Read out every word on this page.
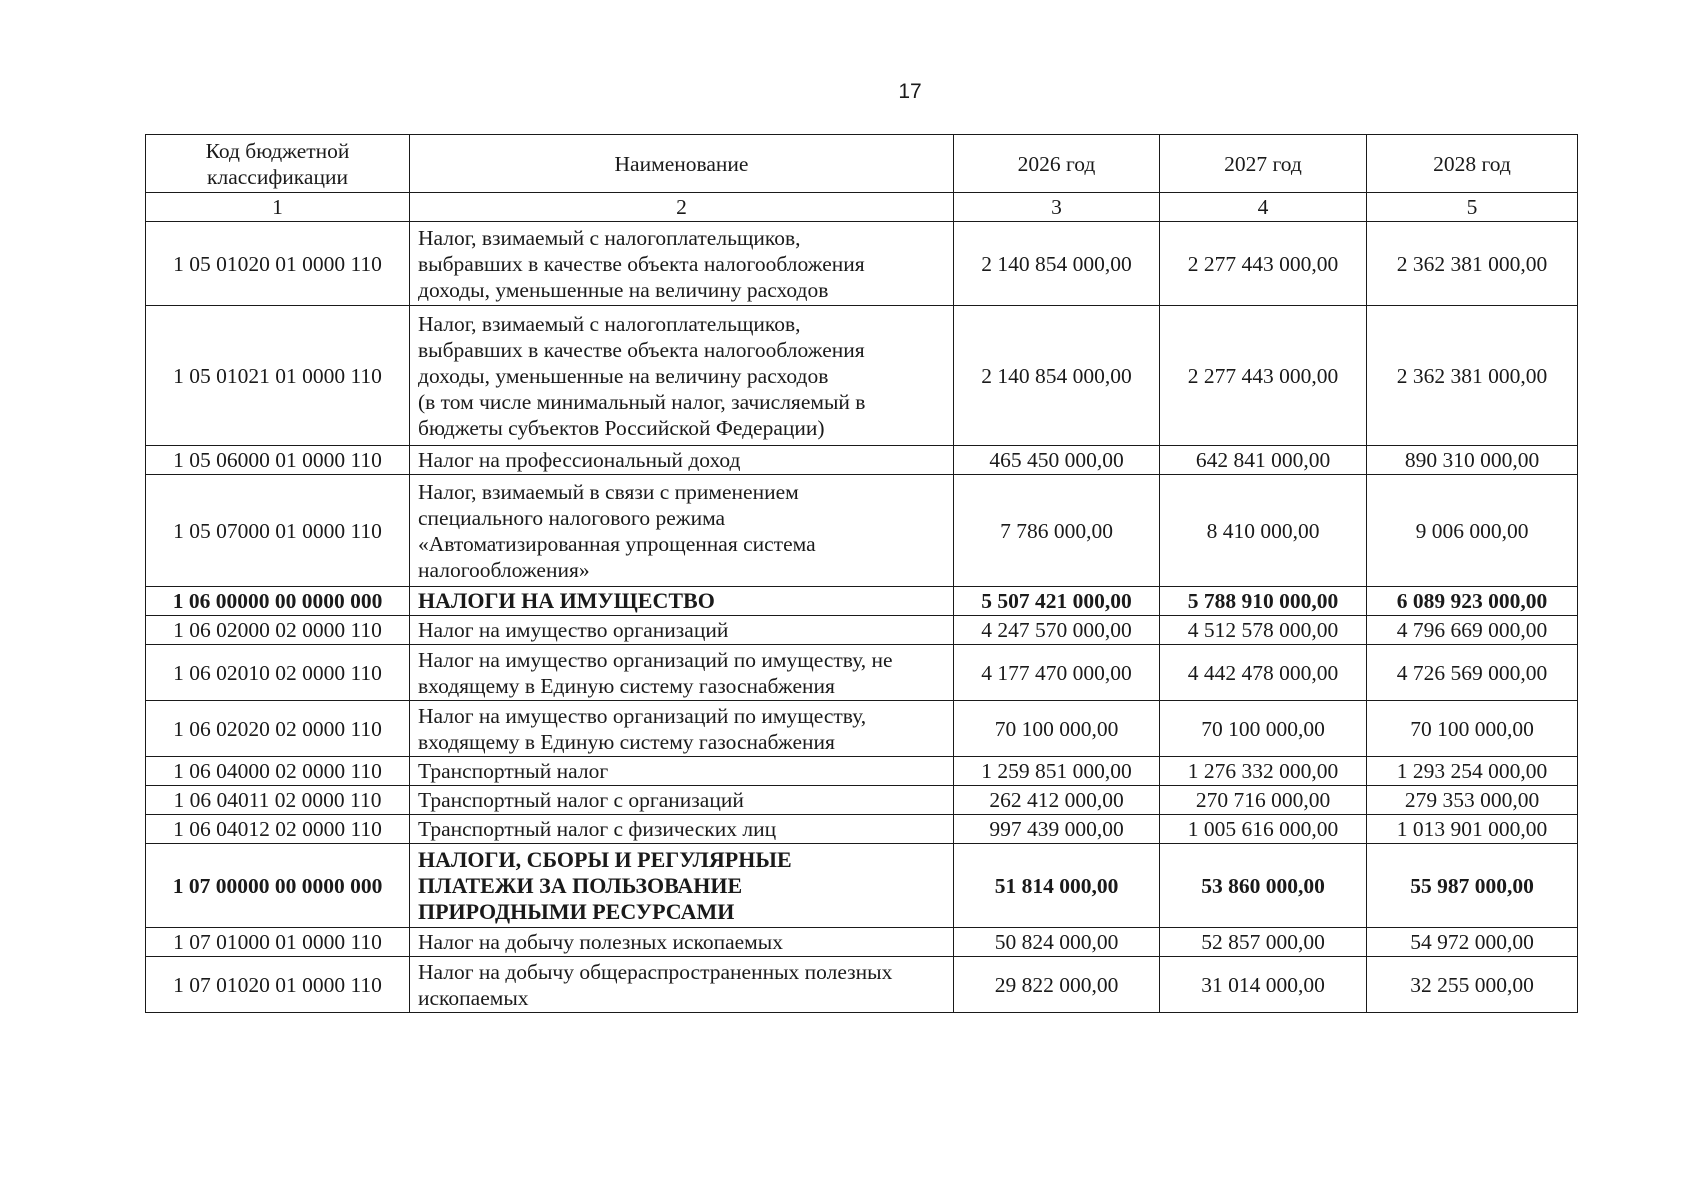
17
Код бюджетной классификации	Наименование	2026 год	2027 год	2028 год
1	2	3	4	5
1 05 01020 01 0000 110	Налог, взимаемый с налогоплательщиков,
выбравших в качестве объекта налогообложения
доходы, уменьшенные на величину расходов	2 140 854 000,00	2 277 443 000,00	2 362 381 000,00
1 05 01021 01 0000 110	Налог, взимаемый с налогоплательщиков,
выбравших в качестве объекта налогообложения
доходы, уменьшенные на величину расходов
(в том числе минимальный налог, зачисляемый в
бюджеты субъектов Российской Федерации)	2 140 854 000,00	2 277 443 000,00	2 362 381 000,00
1 05 06000 01 0000 110	Налог на профессиональный доход	465 450 000,00	642 841 000,00	890 310 000,00
1 05 07000 01 0000 110	Налог, взимаемый в связи с применением
специального налогового режима
«Автоматизированная упрощенная система
налогообложения»	7 786 000,00	8 410 000,00	9 006 000,00
1 06 00000 00 0000 000	НАЛОГИ НА ИМУЩЕСТВО	5 507 421 000,00	5 788 910 000,00	6 089 923 000,00
1 06 02000 02 0000 110	Налог на имущество организаций	4 247 570 000,00	4 512 578 000,00	4 796 669 000,00
1 06 02010 02 0000 110	Налог на имущество организаций по имуществу, не
входящему в Единую систему газоснабжения	4 177 470 000,00	4 442 478 000,00	4 726 569 000,00
1 06 02020 02 0000 110	Налог на имущество организаций по имуществу,
входящему в Единую систему газоснабжения	70 100 000,00	70 100 000,00	70 100 000,00
1 06 04000 02 0000 110	Транспортный налог	1 259 851 000,00	1 276 332 000,00	1 293 254 000,00
1 06 04011 02 0000 110	Транспортный налог с организаций	262 412 000,00	270 716 000,00	279 353 000,00
1 06 04012 02 0000 110	Транспортный налог с физических лиц	997 439 000,00	1 005 616 000,00	1 013 901 000,00
1 07 00000 00 0000 000	НАЛОГИ, СБОРЫ И РЕГУЛЯРНЫЕ
ПЛАТЕЖИ ЗА ПОЛЬЗОВАНИЕ
ПРИРОДНЫМИ РЕСУРСАМИ	51 814 000,00	53 860 000,00	55 987 000,00
1 07 01000 01 0000 110	Налог на добычу полезных ископаемых	50 824 000,00	52 857 000,00	54 972 000,00
1 07 01020 01 0000 110	Налог на добычу общераспространенных полезных
ископаемых	29 822 000,00	31 014 000,00	32 255 000,00
